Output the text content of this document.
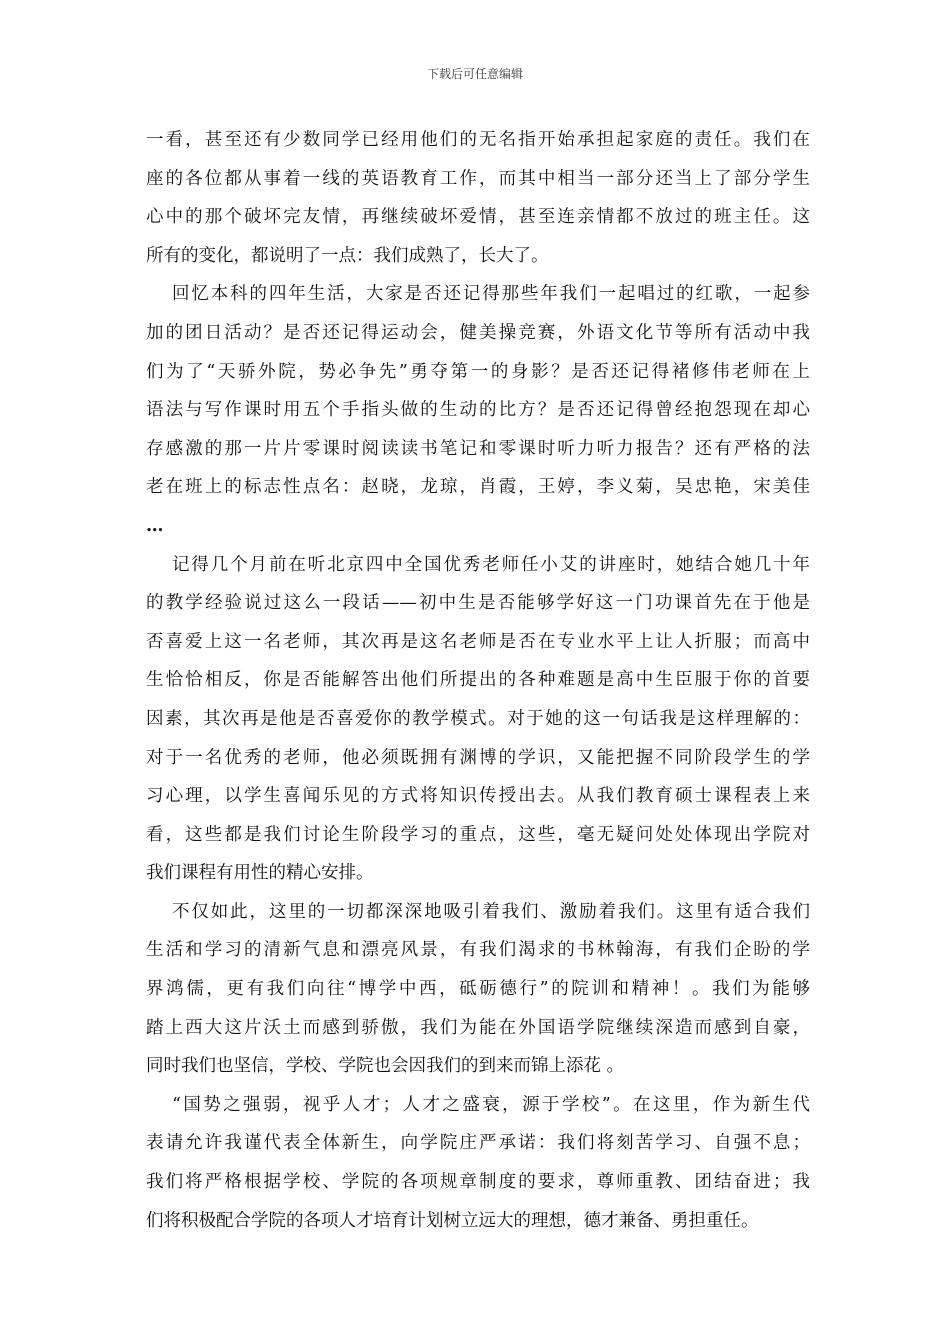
下载后可任意编辑
一看，甚至还有少数同学已经用他们的无名指开始承担起家庭的责任。我们在
座的各位都从事着一线的英语教育工作，而其中相当一部分还当上了部分学生
心中的那个破坏完友情，再继续破坏爱情，甚至连亲情都不放过的班主任。这
所有的变化，都说明了一点：我们成熟了，长大了。
回忆本科的四年生活，大家是否还记得那些年我们一起唱过的红歌，一起参
加的团日活动？是否还记得运动会，健美操竞赛，外语文化节等所有活动中我
们为了“天骄外院，势必争先”勇夺第一的身影？是否还记得褚修伟老师在上
语法与写作课时用五个手指头做的生动的比方？是否还记得曾经抱怨现在却心
存感激的那一片片零课时阅读读书笔记和零课时听力听力报告？还有严格的法
老在班上的标志性点名：赵晓，龙琼，肖霞，王婷，李义菊，吴忠艳，宋美佳
…
记得几个月前在听北京四中全国优秀老师任小艾的讲座时，她结合她几十年
的教学经验说过这么一段话——初中生是否能够学好这一门功课首先在于他是
否喜爱上这一名老师，其次再是这名老师是否在专业水平上让人折服；而高中
生恰恰相反，你是否能解答出他们所提出的各种难题是高中生臣服于你的首要
因素，其次再是他是否喜爱你的教学模式。对于她的这一句话我是这样理解的：
对于一名优秀的老师，他必须既拥有渊博的学识，又能把握不同阶段学生的学
习心理，以学生喜闻乐见的方式将知识传授出去。从我们教育硕士课程表上来
看，这些都是我们讨论生阶段学习的重点，这些，毫无疑问处处体现出学院对
我们课程有用性的精心安排。
不仅如此，这里的一切都深深地吸引着我们、激励着我们。这里有适合我们
生活和学习的清新气息和漂亮风景，有我们渴求的书林翰海，有我们企盼的学
界鸿儒，更有我们向往“博学中西，砥砺德行”的院训和精神！。我们为能够
踏上西大这片沃土而感到骄傲，我们为能在外国语学院继续深造而感到自豪，
同时我们也坚信，学校、学院也会因我们的到来而锦上添花 。
“国势之强弱，视乎人才；人才之盛衰，源于学校”。在这里，作为新生代
表请允许我谨代表全体新生，向学院庄严承诺：我们将刻苦学习、自强不息；
我们将严格根据学校、学院的各项规章制度的要求，尊师重教、团结奋进；我
们将积极配合学院的各项人才培育计划树立远大的理想，德才兼备、勇担重任。
